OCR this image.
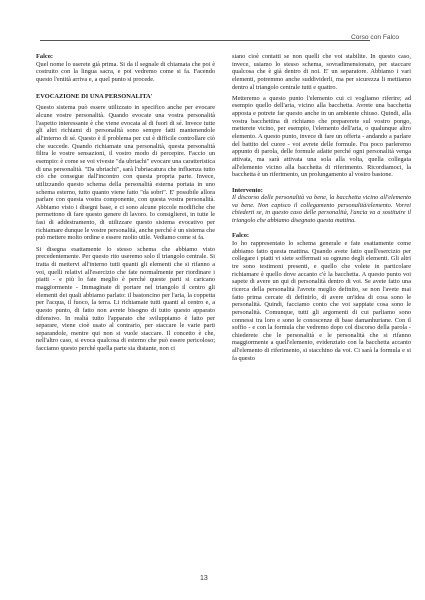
Corso con Falco

Falco:

Quel nome lo userete già prima. Si da il segnale di chiamata che poi è costruito con la lingua sacra, e poi vedremo come si fa. Facendo questo l'entità arriva e, a quel punto si procede.

EVOCAZIONE DI UNA PERSONALITA'

Questo sistema può essere utilizzato in specifico anche per evocare alcune vostre personalità. Quando evocate una vostra personalità l'aspetto interessante è che viene evocata al di fuori di sé. Invece tutte gli altri richiami di personalità sono sempre fatti mantenendole all'interno di sé. Questo è il problema per cui è difficile controllare ciò che succede. Quando richiamate una personalità, questa personalità filtra le vostre sensazioni, il vostro modo di percepire. Faccio un esempio: è come se voi viveste "da ubriachi" evocare una caratteristica di una personalità. "Da ubriachi", sarà l'ubriacatura che influenza tutto ciò che consegue dall'incontro con questa propria parte. Invece, utilizzando questo schema della personalità esterna portata in uno schema esterno, tutto quanto viene fatto "da sobri". E' possibile allora parlare con questa vostra componente, con questa vostra personalità. Abbiamo visto i disegni base, e ci sono alcune piccole modifiche che permettono di fare questo genere di lavoro. Io consiglierei, in tutte le fasi di addestramento, di utilizzare questo sistema evocativo per richiamare dunque le vostre personalità, anche perché è un sistema che può mettere molto ordine e essere molto utile. Vediamo come si fa.

Si disegna esattamente lo stesso schema che abbiamo visto precedentemente. Per questo rito useremo solo il triangolo centrale. Si tratta di mettervi all'interno tutti quanti gli elementi che si rifanno a voi, quelli relativi all'esercizio che fate normalmente per riordinare i piatti - e più lo fate meglio è perché queste parti si caricano maggiormente - Immaginate di portare nel triangolo il centro gli elementi dei quali abbiamo parlato: il bastoncino per l'aria, la coppetta per l'acqua, il fuoco, la terra. Li richiamate tutti quanti al centro e, a questo punto, di fatto non avrete bisogno di tutto questo apparato difensivo. In realtà tutto l'apparato che sviluppiamo è fatto per separare, viene cioè usato al contrario, per staccare le varie parti separandole, mentre qui non si vuole staccare. Il concetto è che, nell'altro caso, si evoca qualcosa di esterno che può essere pericoloso; facciamo questo perché quella parte sia distante, non ci

siano cioè contatti se non quelli che voi stabilite. In questo caso, invece, usiamo lo stesso schema, sovradimensionato, per staccare qualcosa che è già dentro di noi. E' un separatore. Abbiamo i vari elementi, potremmo anche suddividerli, ma per sicurezza li mettiamo dentro al triangolo centrale tutti e quattro.

Metteremo a questo punto l'elemento cui ci vogliamo riferire; ad esempio quello dell'aria, vicino alla bacchetta. Avrete una bacchetta apposta e potrete far questo anche in un ambiente chiuso. Quindi, alla vostra bacchettina di richiamo che preparerete sul vostro pongo, metterete vicino, per esempio, l'elemento dell'aria, o qualunque altro elemento. A questo punto, invece di fare un offerta - andando a parlare del battito del cuore - voi avrete delle formule. Fra poco parleremo appunto di parola, delle formule adatte perché ogni personalità venga attivata, ma sarà attivata una sola alla volta, quella collegata all'elemento vicino alla bacchetta di riferimento. Ricordiamoci, la bacchetta è un riferimento, un prolungamento al vostro bastone.

Intervento:

Il discorso delle personalità va bene, la bacchetta vicino all'elemento va bene. Non capisco il collegamento personalità/elemento. Vorrei chiederti se, in questo caso delle personalità, l'ancia va a sostituire il triangolo che abbiamo disegnato questa mattina.

Falco:

Io ho rappresentato lo schema generale e fate esattamente come abbiamo fatto questa mattina. Quando avete fatto quell'esercizio per collegare i piatti vi siete soffermati su ognuno degli elementi. Gli altri tre sono testimoni presenti, e quello che volete in particolare richiamare è quello dove accanto c'è la bacchetta. A questo punto voi sapete di avere un qui di personalità dentro di voi. Se avete fatto una ricerca della personalità l'avrete meglio definito, se non l'avete mai fatto prima cercate di definirlo, di avere un'idea di cosa sono le personalità. Quindi, facciamo conto che voi sappiate cosa sono le personalità. Comunque, tutti gli argomenti di cui parliamo sono connessi tra loro e sono le conoscenze di base damanhuriane. Con il soffio - e con la formula che vedremo dopo col discorso della parola - chiederete che le personalità e le personalità che si rifanno maggiormente a quell'elemento, evidenziato con la bacchetta accanto all'elemento di riferimento, si stacchino da voi. Ci sarà la formula e si fa questo

13
